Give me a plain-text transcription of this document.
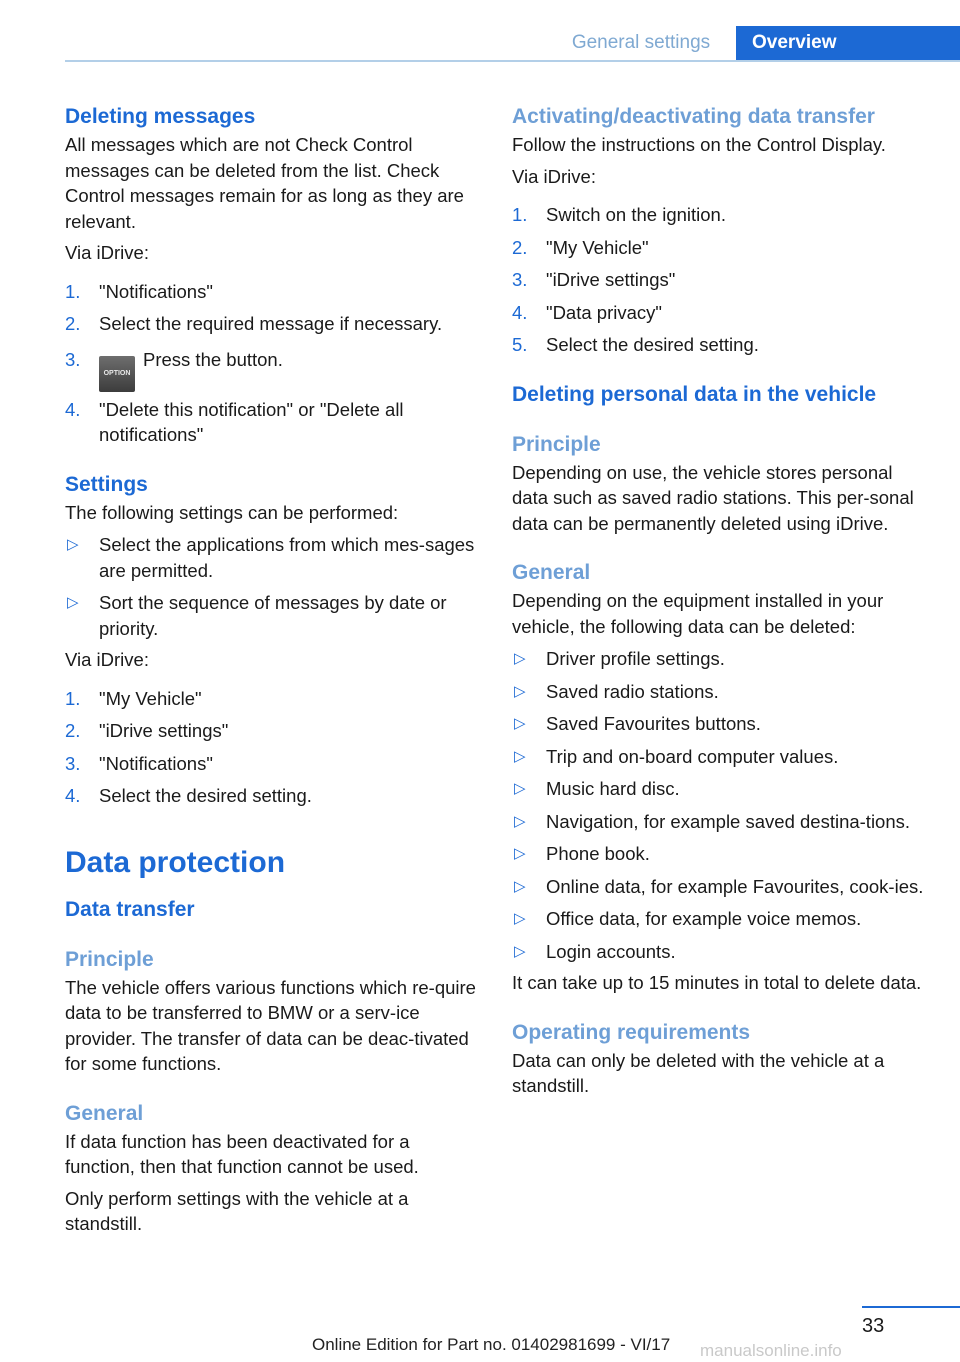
General settings	Overview
Deleting messages

All messages which are not Check Control messages can be deleted from the list. Check Control messages remain for as long as they are relevant.

Via iDrive:

1. "Notifications"
2. Select the required message if necessary.
3.
OPTIONPress the button.
4. "Delete this notification" or "Delete all notifications"
Settings

The following settings can be performed:

▷ Select the applications from which mes‐sages are permitted.
▷ Sort the sequence of messages by date or priority.

Via iDrive:

1. "My Vehicle"
2. "iDrive settings"
3. "Notifications"
4. Select the desired setting.
Data protection
Data transfer
Principle

The vehicle offers various functions which re‐quire data to be transferred to BMW or a serv‐ice provider. The transfer of data can be deac‐tivated for some functions.

General

If data function has been deactivated for a function, then that function cannot be used.

Only perform settings with the vehicle at a standstill.

Activating/deactivating data transfer

Follow the instructions on the Control Display.

Via iDrive:

1. Switch on the ignition.
2. "My Vehicle"
3. "iDrive settings"
4. "Data privacy"
5. Select the desired setting.
Deleting personal data in the vehicle
Principle

Depending on use, the vehicle stores personal data such as saved radio stations. This per‐sonal data can be permanently deleted using iDrive.

General

Depending on the equipment installed in your vehicle, the following data can be deleted:

▷ Driver profile settings.
▷ Saved radio stations.
▷ Saved Favourites buttons.
▷ Trip and on-board computer values.
▷ Music hard disc.
▷ Navigation, for example saved destina‐tions.
▷ Phone book.
▷ Online data, for example Favourites, cook‐ies.
▷ Office data, for example voice memos.
▷ Login accounts.

It can take up to 15 minutes in total to delete data.

Operating requirements

Data can only be deleted with the vehicle at a standstill.

33
Online Edition for Part no. 01402981699 - VI/17 manualsonline.info
